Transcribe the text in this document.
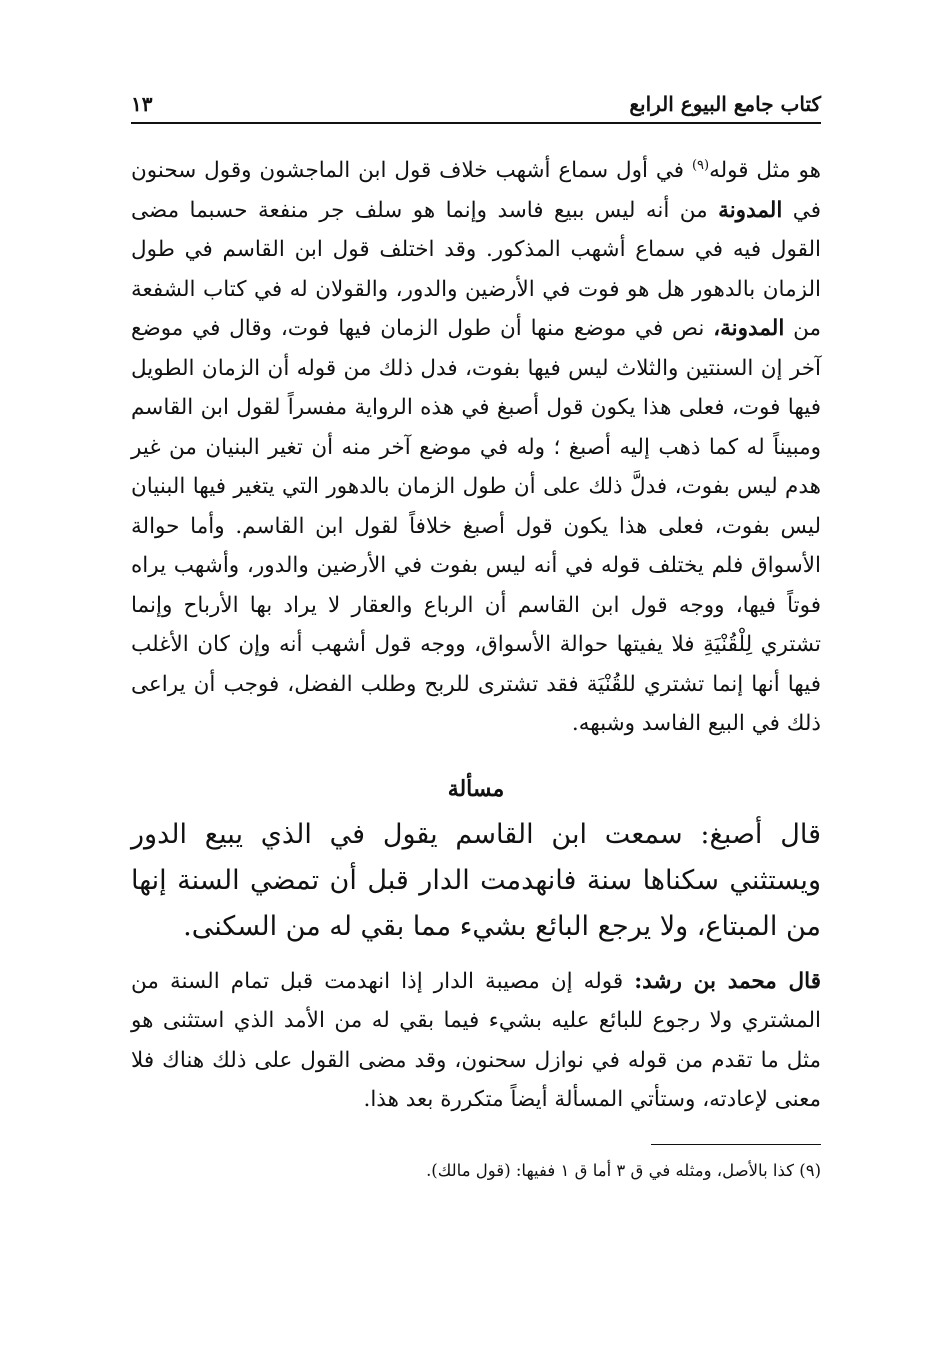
كتاب جامع البيوع الرابع
١٣

هو مثل قوله$^{(٩)}$ في أول سماع أشهب خلاف قول ابن الماجشون وقول سحنون في المدونة من أنه ليس ببيع فاسد وإنما هو سلف جر منفعة حسبما مضى القول فيه في سماع أشهب المذكور. وقد اختلف قول ابن القاسم في طول الزمان بالدهور هل هو فوت في الأرضين والدور، والقولان له في كتاب الشفعة من المدونة، نص في موضع منها أن طول الزمان فيها فوت، وقال في موضع آخر إن السنتين والثلاث ليس فيها بفوت، فدل ذلك من قوله أن الزمان الطويل فيها فوت، فعلى هذا يكون قول أصبغ في هذه الرواية مفسراً لقول ابن القاسم ومبيناً له كما ذهب إليه أصبغ ؛ وله في موضع آخر منه أن تغير البنيان من غير هدم ليس بفوت، فدلَّ ذلك على أن طول الزمان بالدهور التي يتغير فيها البنيان ليس بفوت، فعلى هذا يكون قول أصبغ خلافاً لقول ابن القاسم. وأما حوالة الأسواق فلم يختلف قوله في أنه ليس بفوت في الأرضين والدور، وأشهب يراه فوتاً فيها، ووجه قول ابن القاسم أن الرباع والعقار لا يراد بها الأرباح وإنما تشتري لِلْقُنْيَةِ فلا يفيتها حوالة الأسواق، ووجه قول أشهب أنه وإن كان الأغلب فيها أنها إنما تشتري للقُنْيَة فقد تشترى للربح وطلب الفضل، فوجب أن يراعى ذلك في البيع الفاسد وشبهه.

مسألة
قال أصبغ: سمعت ابن القاسم يقول في الذي يبيع الدور ويستثني سكناها سنة فانهدمت الدار قبل أن تمضي السنة إنها من المبتاع، ولا يرجع البائع بشيء مما بقي له من السكنى.
قال محمد بن رشد: قوله إن مصيبة الدار إذا انهدمت قبل تمام السنة من المشتري ولا رجوع للبائع عليه بشيء فيما بقي له من الأمد الذي استثنى هو مثل ما تقدم من قوله في نوازل سحنون، وقد مضى القول على ذلك هناك فلا معنى لإعادته، وستأتي المسألة أيضاً متكررة بعد هذا.
(٩) كذا بالأصل، ومثله في ق ٣ أما ق ١ ففيها: (قول مالك).
